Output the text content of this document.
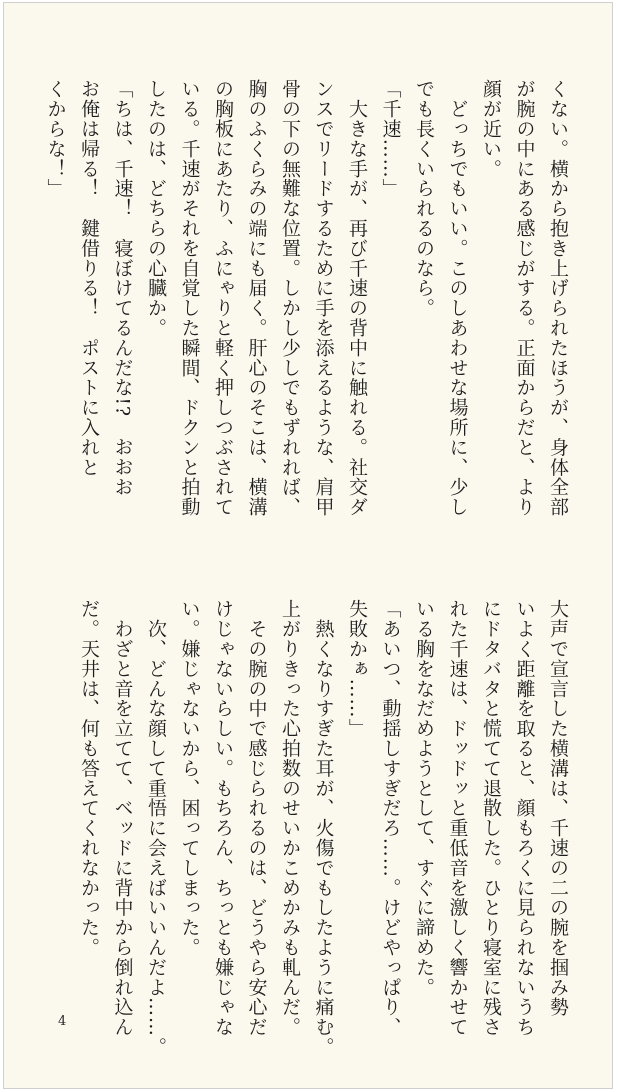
くない。横から抱き上げられたほうが、身体全部
が腕の中にある感じがする。正面からだと、より
顔が近い。
　どっちでもいい。このしあわせな場所に、少し
でも長くいられるのなら。
「千速……」
　大きな手が、再び千速の背中に触れる。社交ダ
ンスでリードするために手を添えるような、肩甲
骨の下の無難な位置。しかし少しでもずれれば、
胸のふくらみの端にも届く。肝心のそこは、横溝
の胸板にあたり、ふにゃりと軽く押しつぶされて
いる。千速がそれを自覚した瞬間、ドクンと拍動
したのは、どちらの心臓か。
「ちは、千速！　寝ぼけてるんだな!?　おおお
お俺は帰る！　鍵借りる！　ポストに入れと
くからな！」
大声で宣言した横溝は、千速の二の腕を掴み勢
いよく距離を取ると、顔もろくに見られないうち
にドタバタと慌てて退散した。ひとり寝室に残さ
れた千速は、ドッドッと重低音を激しく響かせて
いる胸をなだめようとして、すぐに諦めた。
「あいつ、動揺しすぎだろ……。けどやっぱり、
失敗かぁ……」
　熱くなりすぎた耳が、火傷でもしたように痛む。
上がりきった心拍数のせいかこめかみも軋んだ。
　その腕の中で感じられるのは、どうやら安心だ
けじゃないらしい。もちろん、ちっとも嫌じゃな
い。嫌じゃないから、困ってしまった。
　次、どんな顔して重悟に会えばいいんだよ……。
　わざと音を立てて、ベッドに背中から倒れ込ん
だ。天井は、何も答えてくれなかった。
4
